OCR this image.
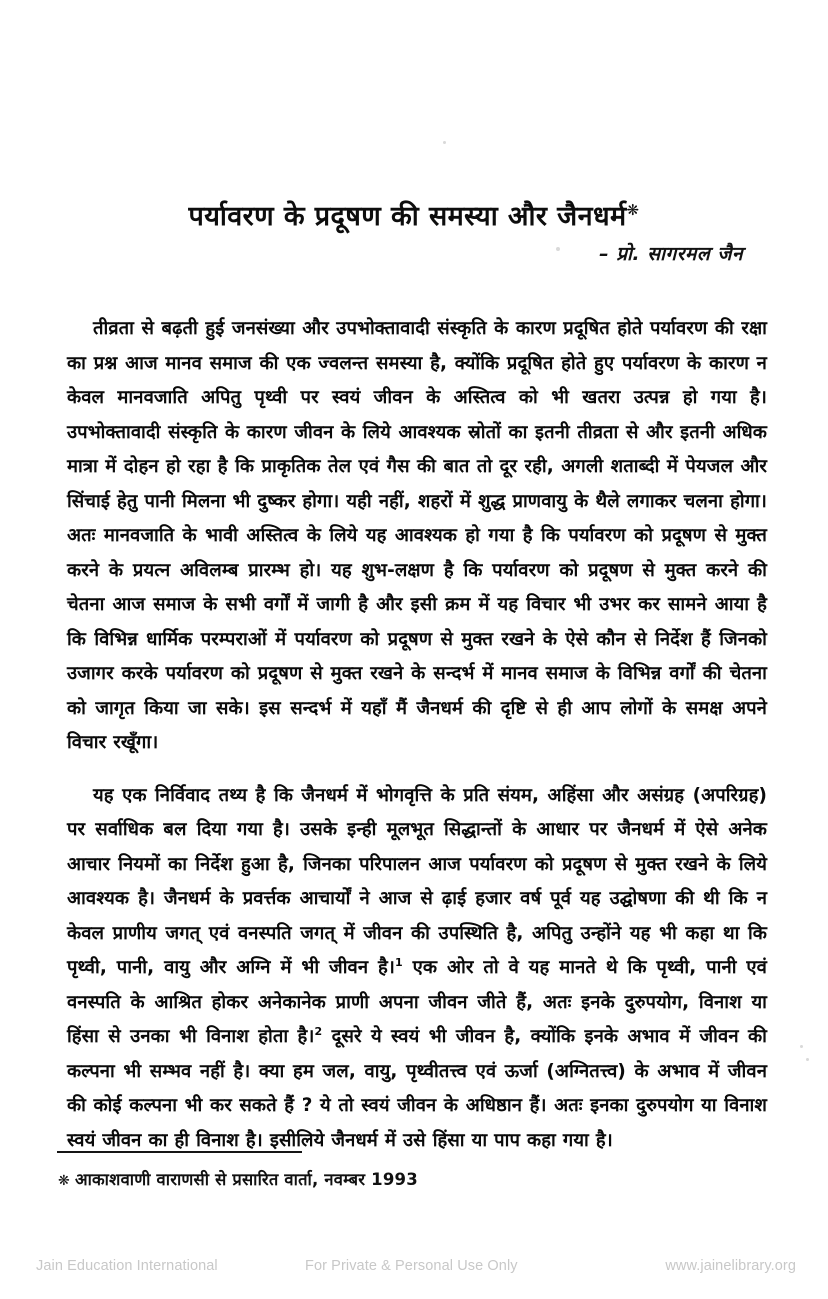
पर्यावरण के प्रदूषण की समस्या और जैनधर्म❋
– प्रो. सागरमल जैन

तीव्रता से बढ़ती हुई जनसंख्या और उपभोक्तावादी संस्कृति के कारण प्रदूषित होते पर्यावरण की रक्षा का प्रश्न आज मानव समाज की एक ज्वलन्त समस्या है, क्योंकि प्रदूषित होते हुए पर्यावरण के कारण न केवल मानवजाति अपितु पृथ्वी पर स्वयं जीवन के अस्तित्व को भी खतरा उत्पन्न हो गया है। उपभोक्तावादी संस्कृति के कारण जीवन के लिये आवश्यक स्रोतों का इतनी तीव्रता से और इतनी अधिक मात्रा में दोहन हो रहा है कि प्राकृतिक तेल एवं गैस की बात तो दूर रही, अगली शताब्दी में पेयजल और सिंचाई हेतु पानी मिलना भी दुष्कर होगा। यही नहीं, शहरों में शुद्ध प्राणवायु के थैले लगाकर चलना होगा। अतः मानवजाति के भावी अस्तित्व के लिये यह आवश्यक हो गया है कि पर्यावरण को प्रदूषण से मुक्त करने के प्रयत्न अविलम्ब प्रारम्भ हो। यह शुभ-लक्षण है कि पर्यावरण को प्रदूषण से मुक्त करने की चेतना आज समाज के सभी वर्गों में जागी है और इसी क्रम में यह विचार भी उभर कर सामने आया है कि विभिन्न धार्मिक परम्पराओं में पर्यावरण को प्रदूषण से मुक्त रखने के ऐसे कौन से निर्देश हैं जिनको उजागर करके पर्यावरण को प्रदूषण से मुक्त रखने के सन्दर्भ में मानव समाज के विभिन्न वर्गों की चेतना को जागृत किया जा सके। इस सन्दर्भ में यहाँ मैं जैनधर्म की दृष्टि से ही आप लोगों के समक्ष अपने विचार रखूँगा।

यह एक निर्विवाद तथ्य है कि जैनधर्म में भोगवृत्ति के प्रति संयम, अहिंसा और असंग्रह (अपरिग्रह) पर सर्वाधिक बल दिया गया है। उसके इन्ही मूलभूत सिद्धान्तों के आधार पर जैनधर्म में ऐसे अनेक आचार नियमों का निर्देश हुआ है, जिनका परिपालन आज पर्यावरण को प्रदूषण से मुक्त रखने के लिये आवश्यक है। जैनधर्म के प्रवर्त्तक आचार्यों ने आज से ढ़ाई हजार वर्ष पूर्व यह उद्घोषणा की थी कि न केवल प्राणीय जगत् एवं वनस्पति जगत् में जीवन की उपस्थिति है, अपितु उन्होंने यह भी कहा था कि पृथ्वी, पानी, वायु और अग्नि में भी जीवन है।$^1$ एक ओर तो वे यह मानते थे कि पृथ्वी, पानी एवं वनस्पति के आश्रित होकर अनेकानेक प्राणी अपना जीवन जीते हैं, अतः इनके दुरुपयोग, विनाश या हिंसा से उनका भी विनाश होता है।$^2$ दूसरे ये स्वयं भी जीवन है, क्योंकि इनके अभाव में जीवन की कल्पना भी सम्भव नहीं है। क्या हम जल, वायु, पृथ्वीतत्त्व एवं ऊर्जा (अग्नितत्त्व) के अभाव में जीवन की कोई कल्पना भी कर सकते हैं ? ये तो स्वयं जीवन के अधिष्ठान हैं। अतः इनका दुरुपयोग या विनाश स्वयं जीवन का ही विनाश है। इसीलिये जैनधर्म में उसे हिंसा या पाप कहा गया है।

❋ आकाशवाणी वाराणसी से प्रसारित वार्ता, नवम्बर 1993
Jain Education International	For Private & Personal Use Only	www.jainelibrary.org
